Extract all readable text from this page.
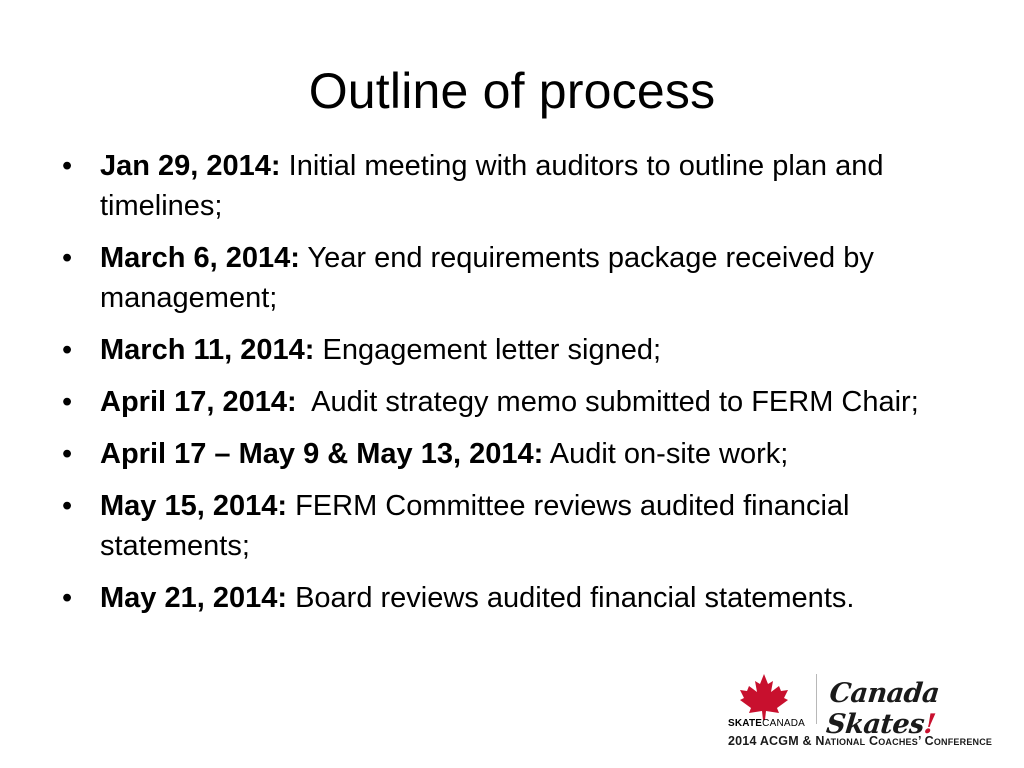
Outline of process
• Jan 29, 2014: Initial meeting with auditors to outline plan and timelines;
• March 6, 2014: Year end requirements package received by management;
• March 11, 2014: Engagement letter signed;
• April 17, 2014:  Audit strategy memo submitted to FERM Chair;
• April 17 – May 9 & May 13, 2014: Audit on-site work;
• May 15, 2014: FERM Committee reviews audited financial statements;
• May 21, 2014: Board reviews audited financial statements.
SKATECANADA
Canada Skates!
2014 ACGM & National Coaches’ Conference
